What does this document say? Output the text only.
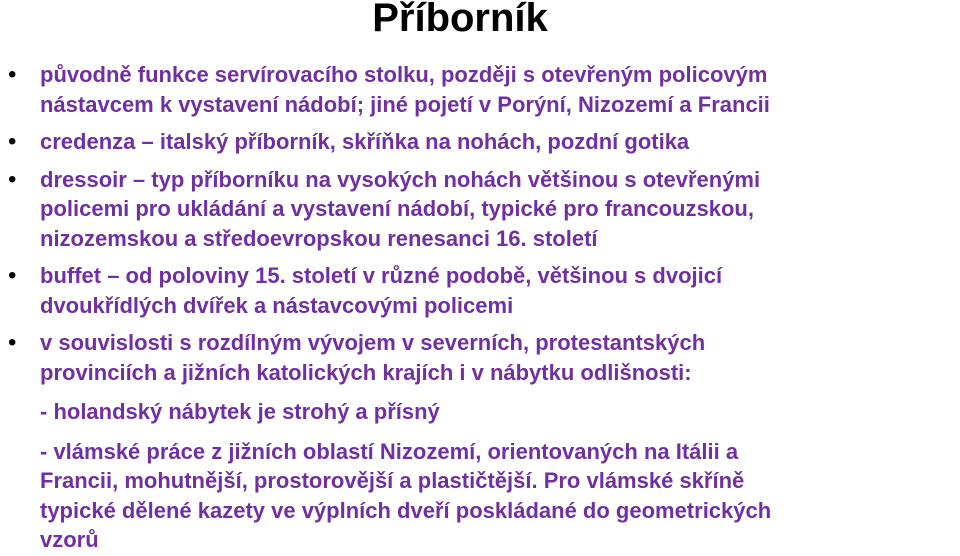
Příborník
• původně funkce servírovacího stolku, později s otevřeným policovým
nástavcem k vystavení nádobí; jiné pojetí v Porýní, Nizozemí a Francii
• credenza – italský příborník, skříňka na nohách, pozdní gotika
• dressoir – typ příborníku na vysokých nohách většinou s otevřenými
policemi pro ukládání a vystavení nádobí, typické pro francouzskou,
nizozemskou a středoevropskou renesanci 16. století
• buffet – od poloviny 15. století v různé podobě, většinou s dvojicí
dvoukřídlých dvířek a nástavcovými policemi
• v souvislosti s rozdílným vývojem v severních, protestantských
provinciích a jižních katolických krajích i v nábytku odlišnosti:
- holandský nábytek je strohý a přísný
- vlámské práce z jižních oblastí Nizozemí, orientovaných na Itálii a
Francii, mohutnější, prostorovější a plastičtější. Pro vlámské skříně
typické dělené kazety ve výplních dveří poskládané do geometrických
vzorů
